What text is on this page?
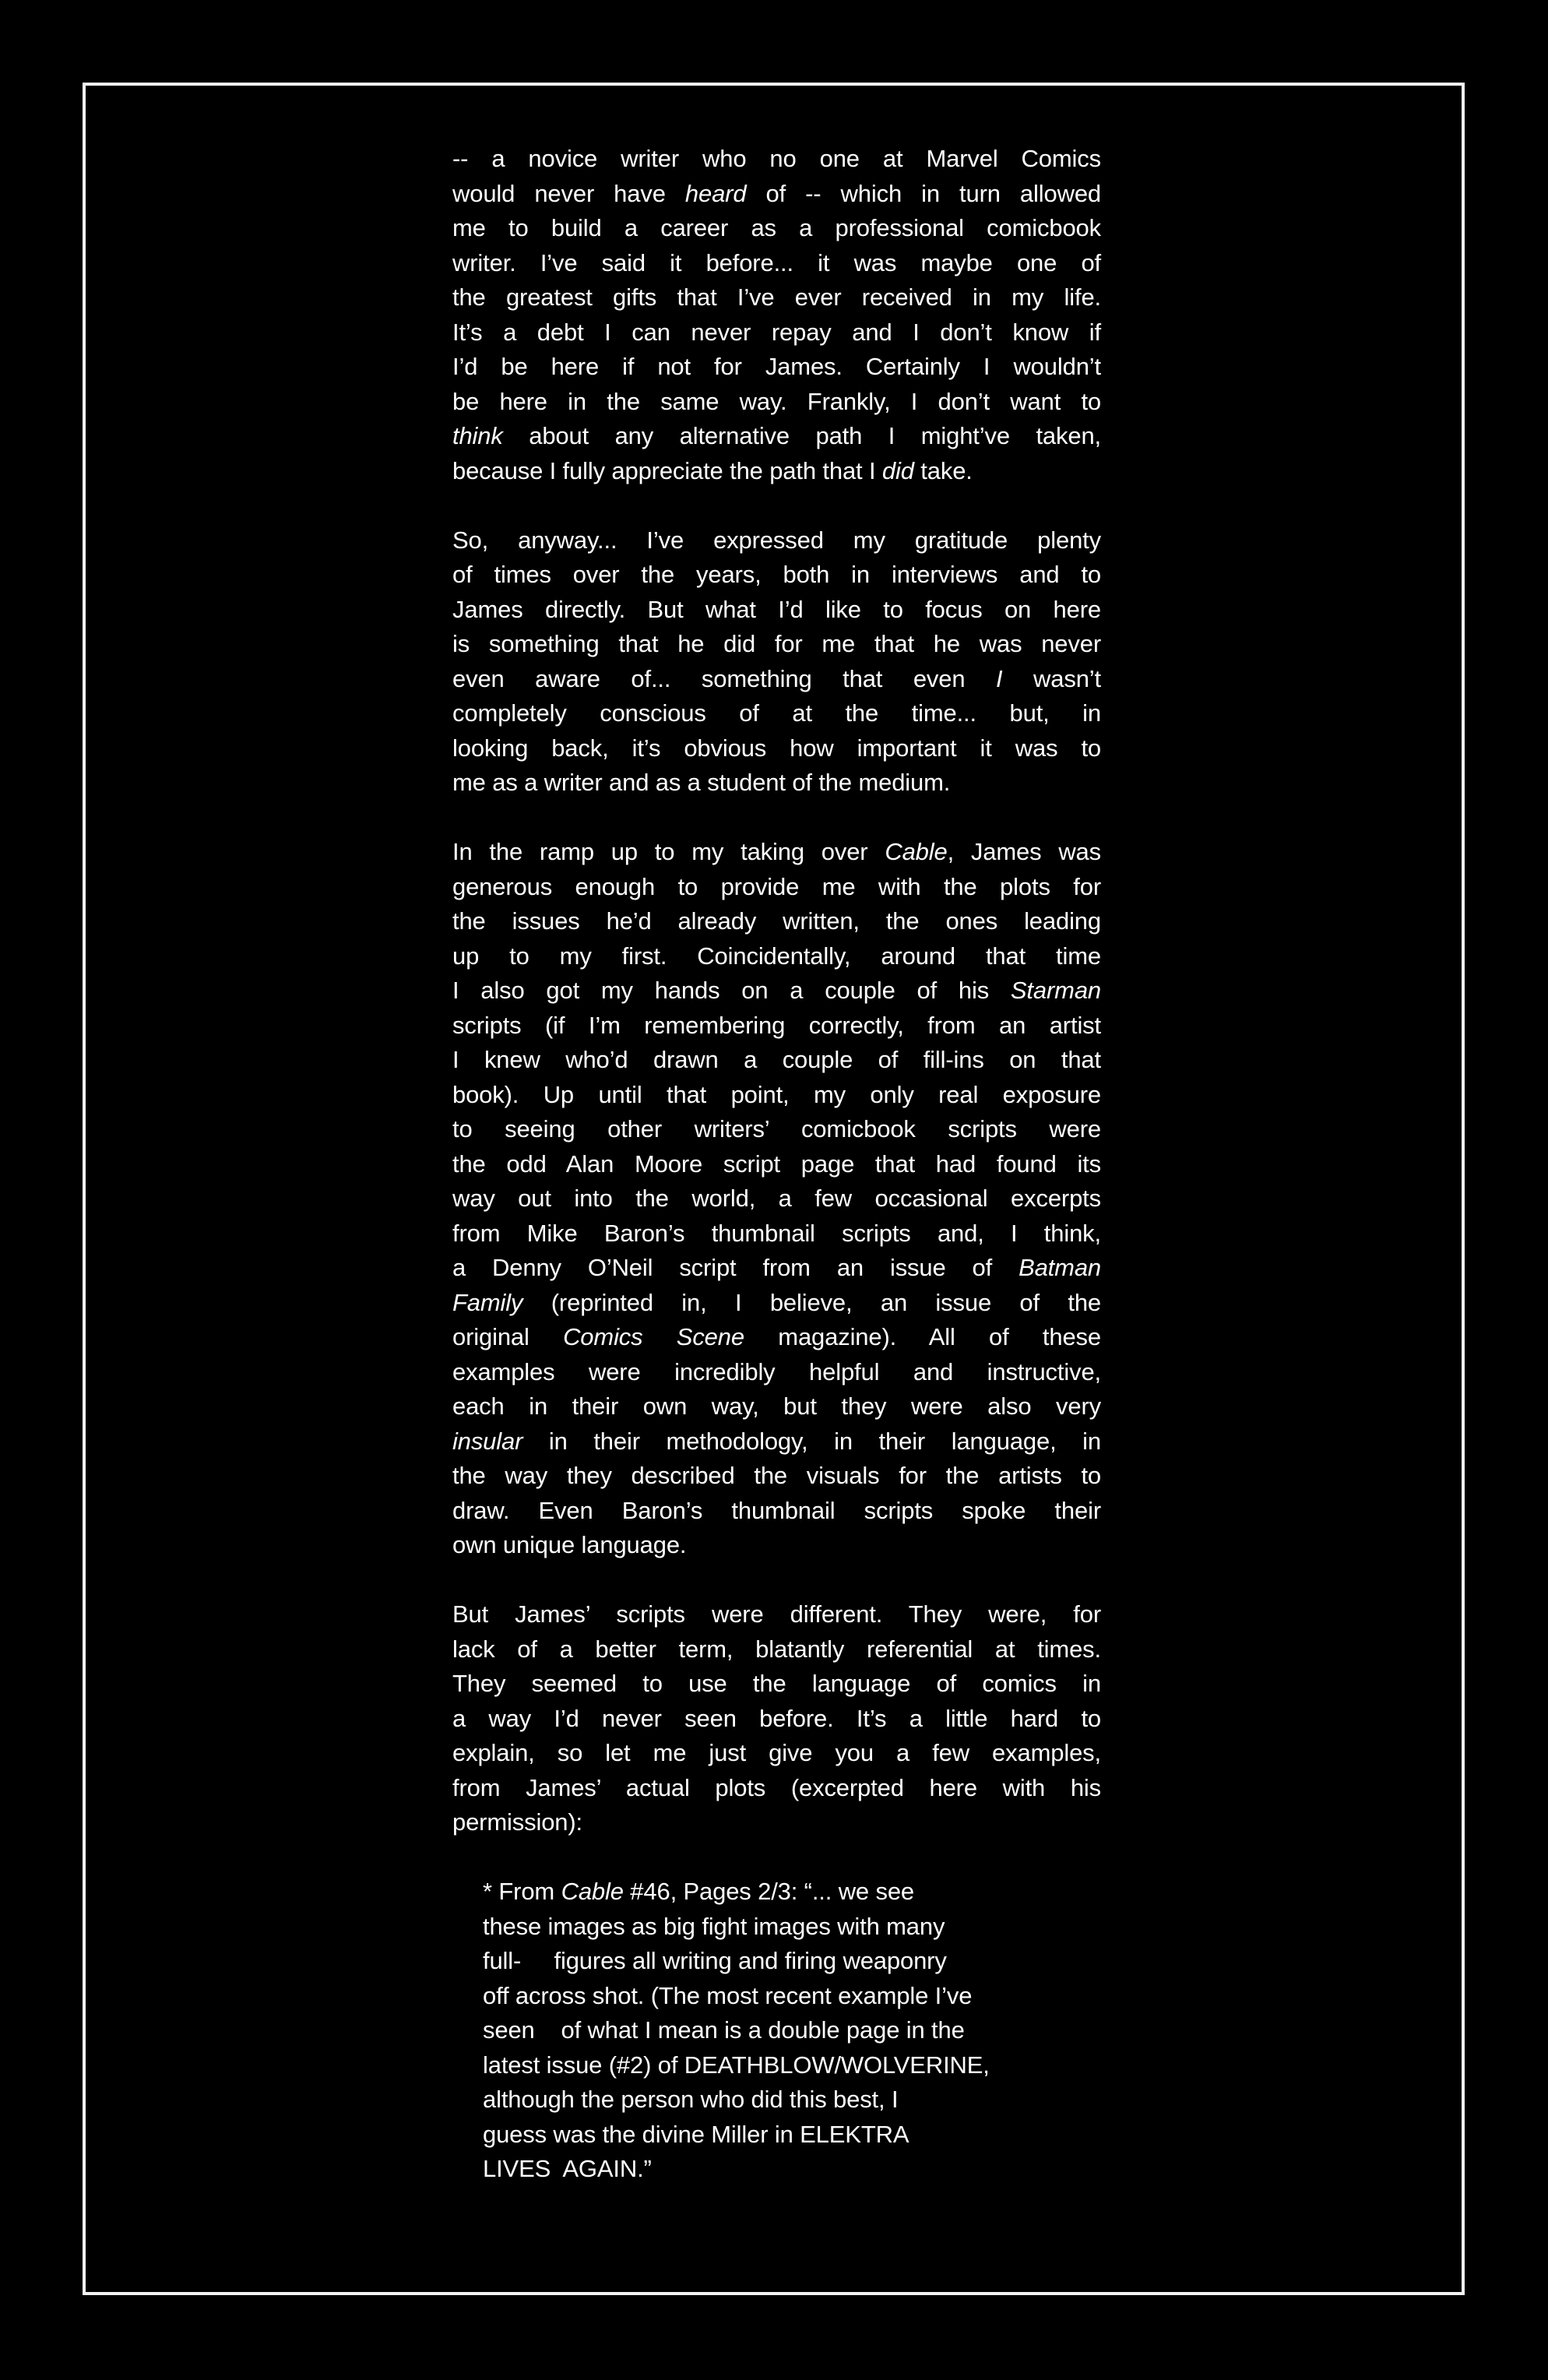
-- a novice writer who no one at Marvel Comics
would never have heard of -- which in turn allowed
me to build a career as a professional comicbook
writer. I’ve said it before... it was maybe one of
the greatest gifts that I’ve ever received in my life.
It’s a debt I can never repay and I don’t know if
I’d be here if not for James. Certainly I wouldn’t
be here in the same way. Frankly, I don’t want to
think about any alternative path I might’ve taken,
because I fully appreciate the path that I did take.
So, anyway... I’ve expressed my gratitude plenty
of times over the years, both in interviews and to
James directly. But what I’d like to focus on here
is something that he did for me that he was never
even aware of... something that even I wasn’t
completely conscious of at the time... but, in
looking back, it’s obvious how important it was to
me as a writer and as a student of the medium.
In the ramp up to my taking over Cable, James was
generous enough to provide me with the plots for
the issues he’d already written, the ones leading
up to my first. Coincidentally, around that time
I also got my hands on a couple of his Starman
scripts (if I’m remembering correctly, from an artist
I knew who’d drawn a couple of fill-ins on that
book). Up until that point, my only real exposure
to seeing other writers’ comicbook scripts were
the odd Alan Moore script page that had found its
way out into the world, a few occasional excerpts
from Mike Baron’s thumbnail scripts and, I think,
a Denny O’Neil script from an issue of Batman
Family (reprinted in, I believe, an issue of the
original Comics Scene magazine). All of these
examples were incredibly helpful and instructive,
each in their own way, but they were also very
insular in their methodology, in their language, in
the way they described the visuals for the artists to
draw. Even Baron’s thumbnail scripts spoke their
own unique language.
But James’ scripts were different. They were, for
lack of a better term, blatantly referential at times.
They seemed to use the language of comics in
a way I’d never seen before. It’s a little hard to
explain, so let me just give you a few examples,
from James’ actual plots (excerpted here with his
permission):
* From Cable #46, Pages 2/3: “... we see
these images as big fight images with many
full-     figures all writing and firing weaponry
off across shot. (The most recent example I’ve
seen    of what I mean is a double page in the
latest issue (#2) of DEATHBLOW/WOLVERINE,
although the person who did this best, I
guess was the divine Miller in ELEKTRA
LIVES  AGAIN.”
